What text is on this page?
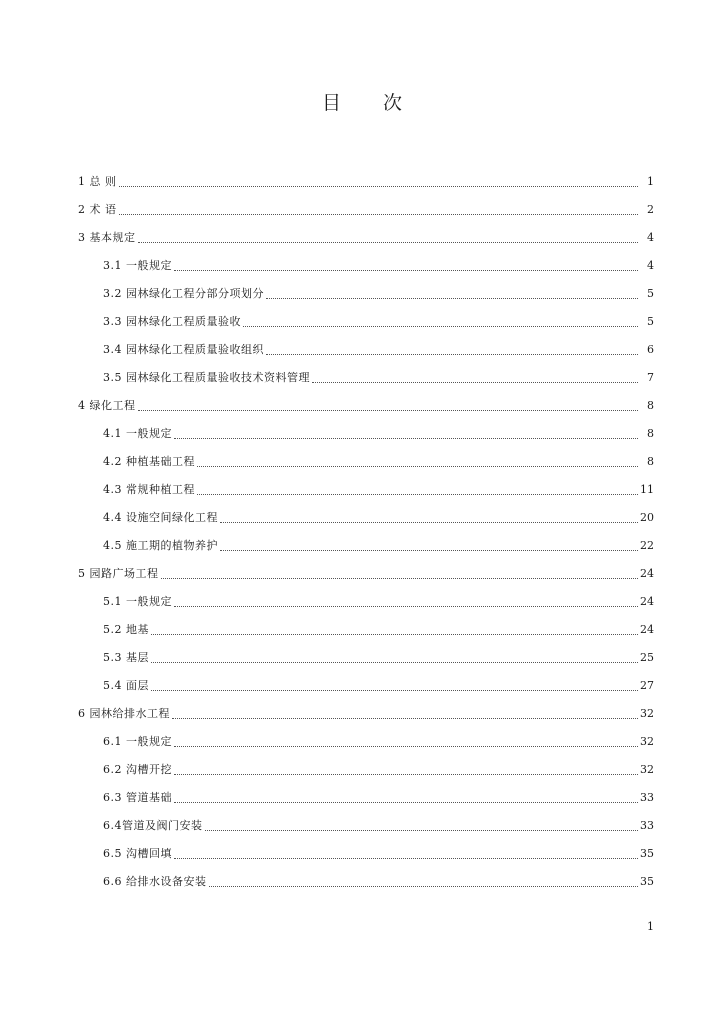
目 次
1 总 则	1
2 术 语	2
3 基本规定	4
3.1 一般规定	4
3.2 园林绿化工程分部分项划分	5
3.3 园林绿化工程质量验收	5
3.4 园林绿化工程质量验收组织	6
3.5 园林绿化工程质量验收技术资料管理	7
4 绿化工程	8
4.1 一般规定	8
4.2 种植基础工程	8
4.3 常规种植工程	11
4.4 设施空间绿化工程	20
4.5 施工期的植物养护	22
5 园路广场工程	24
5.1 一般规定	24
5.2 地基	24
5.3 基层	25
5.4 面层	27
6 园林给排水工程	32
6.1 一般规定	32
6.2 沟槽开挖	32
6.3 管道基础	33
6.4管道及阀门安装	33
6.5 沟槽回填	35
6.6 给排水设备安装	35
1
